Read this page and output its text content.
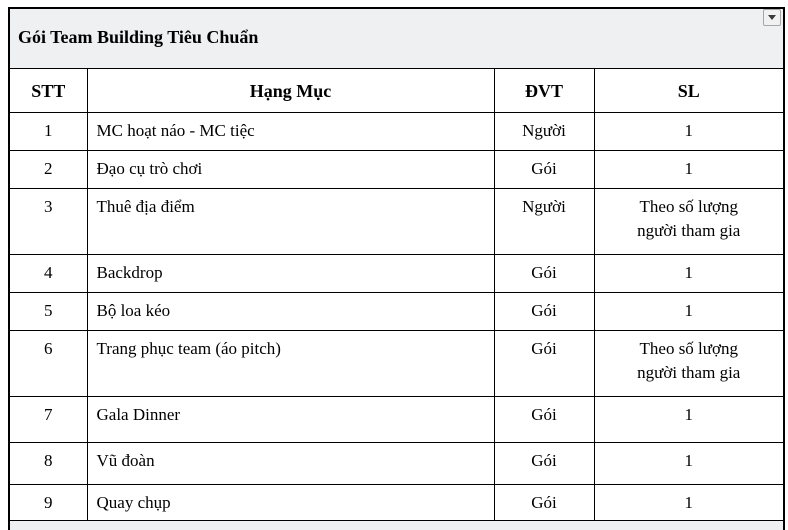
Gói Team Building Tiêu Chuẩn			
STT	Hạng Mục	ĐVT	SL
1	MC hoạt náo - MC tiệc	Người	1
2	Đạo cụ trò chơi	Gói	1
3	Thuê địa điểm	Người	Theo số lượng người tham gia
4	Backdrop	Gói	1
5	Bộ loa kéo	Gói	1
6	Trang phục team (áo pitch)	Gói	Theo số lượng người tham gia
7	Gala Dinner	Gói	1
8	Vũ đoàn	Gói	1
9	Quay chụp	Gói	1
